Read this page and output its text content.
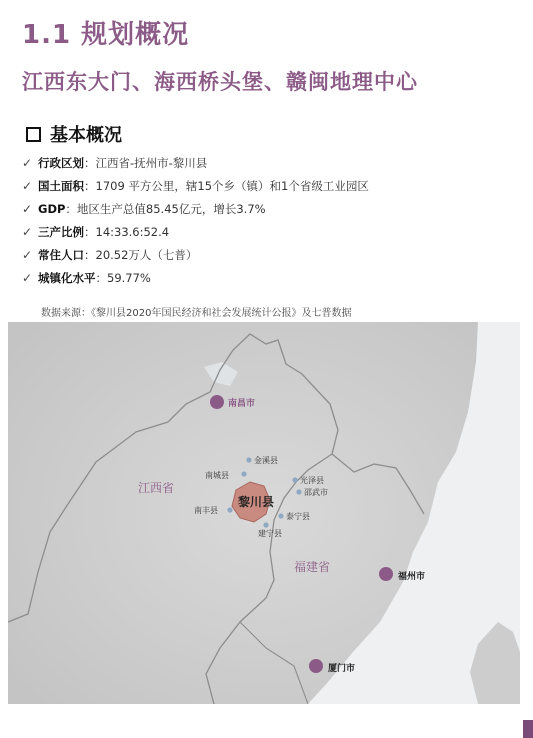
1.1 规划概况
江西东大门、海西桥头堡、赣闽地理中心
基本概况
✓ 行政区划：江西省-抚州市-黎川县
✓ 国土面积：1709 平方公里，辖15个乡（镇）和1个省级工业园区
✓ GDP：地区生产总值85.45亿元，增长3.7%
✓ 三产比例：14:33.6:52.4
✓ 常住人口：20.52万人（七普）
✓ 城镇化水平：59.77%
数据来源：《黎川县2020年国民经济和社会发展统计公报》及七普数据
江西省
福建省
南昌市
福州市
厦门市
黎川县
金溪县
南城县
光泽县
邵武市
南丰县
泰宁县
建宁县
